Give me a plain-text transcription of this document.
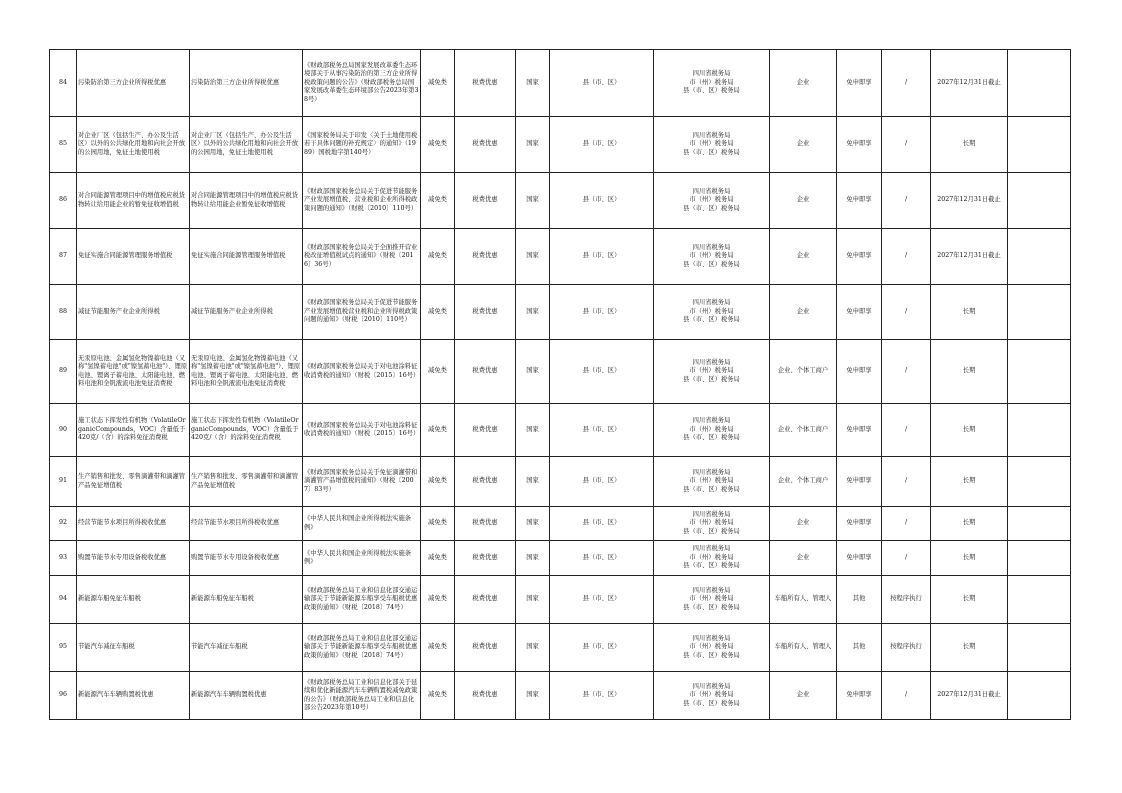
84	污染防治第三方企业所得税优惠	污染防治第三方企业所得税优惠	《财政部税务总局国家发展改革委生态环境部关于从事污染防治的第三方企业所得税政策问题的公告》（财政部税务总局国家发展改革委生态环境部公告2023年第38号）	减免类	税费优惠	国家	县（市、区）	四川省税务局
市（州）税务局
县（市、区）税务局	企业	免申即享	/	2027年12月31日截止	
85	对企业厂区（包括生产、办公及生活区）以外的公共绿化用地和向社会开放的公园用地，免征土地使用税	对企业厂区（包括生产、办公及生活区）以外的公共绿化用地和向社会开放的公园用地，免征土地使用税	《国家税务局关于印发〈关于土地使用税若干具体问题的补充规定〉的通知》（1989）国税地字第140号）	减免类	税费优惠	国家	县（市、区）	四川省税务局
市（州）税务局
县（市、区）税务局	企业	免申即享	/	长期	
86	对合同能源管理项目中的增值税应税货物转让给用能企业的暂免征收增值税	对合同能源管理项目中的增值税应税货物转让给用能企业暂免征收增值税	《财政部国家税务总局关于促进节能服务产业发展增值税、营业税和企业所得税政策问题的通知》（财税〔2010〕110号）	减免类	税费优惠	国家	县（市、区）	四川省税务局
市（州）税务局
县（市、区）税务局	企业	免申即享	/	2027年12月31日截止	
87	免征实施合同能源管理服务增值税	免征实施合同能源管理服务增值税	《财政部国家税务总局关于全面推开营业税改征增值税试点的通知》（财税〔2016〕36号）	减免类	税费优惠	国家	县（市、区）	四川省税务局
市（州）税务局
县（市、区）税务局	企业	免申即享	/	2027年12月31日截止	
88	减征节能服务产业企业所得税	减征节能服务产业企业所得税	《财政部国家税务总局关于促进节能服务产业发展增值税营业税和企业所得税政策问题的通知》（财税〔2010〕110号）	减免类	税费优惠	国家	县（市、区）	四川省税务局
市（州）税务局
县（市、区）税务局	企业	免申即享	/	长期	
89	无汞原电池、金属氢化物镍蓄电池（又称"氢镍蓄电池"或"镍氢蓄电池"）、锂原电池、锂离子蓄电池、太阳能电池、燃料电池和全钒液流电池免征消费税	无汞原电池、金属氢化物镍蓄电池（又称"氢镍蓄电池"或"镍氢蓄电池"）、锂原电池、锂离子蓄电池、太阳能电池、燃料电池和全钒液流电池免征消费税	《财政部国家税务总局关于对电池涂料征收消费税的通知》（财税〔2015〕16号）	减免类	税费优惠	国家	县（市、区）	四川省税务局
市（州）税务局
县（市、区）税务局	企业、个体工商户	免申即享	/	长期	
90	施工状态下挥发性有机物（VolatileOrganicCompounds，VOC）含量低于420克/（含）的涂料免征消费税	施工状态下挥发性有机物（VolatileOrganicCompounds，VOC）含量低于420克/（含）的涂料免征消费税	《财政部国家税务总局关于对电池涂料征收消费税的通知》（财税〔2015〕16号）	减免类	税费优惠	国家	县（市、区）	四川省税务局
市（州）税务局
县（市、区）税务局	企业、个体工商户	免申即享	/	长期	
91	生产销售和批发、零售滴灌带和滴灌管产品免征增值税	生产销售和批发、零售滴灌带和滴灌管产品免征增值税	《财政部国家税务总局关于免征滴灌带和滴灌管产品增值税的通知》（财税〔2007〕83号）	减免类	税费优惠	国家	县（市、区）	四川省税务局
市（州）税务局
县（市、区）税务局	企业、个体工商户	免申即享	/	长期	
92	经营节能节水项目所得税收优惠	经营节能节水项目所得税收优惠	《中华人民共和国企业所得税法实施条例》	减免类	税费优惠	国家	县（市、区）	四川省税务局
市（州）税务局
县（市、区）税务局	企业	免申即享	/	长期	
93	购置节能节水专用设备税收优惠	购置节能节水专用设备税收优惠	《中华人民共和国企业所得税法实施条例》	减免类	税费优惠	国家	县（市、区）	四川省税务局
市（州）税务局
县（市、区）税务局	企业	免申即享	/	长期	
94	新能源车船免征车船税	新能源车船免征车船税	《财政部税务总局工业和信息化部交通运输部关于节能新能源车船享受车船税优惠政策的通知》（财税〔2018〕74号）	减免类	税费优惠	国家	县（市、区）	四川省税务局
市（州）税务局
县（市、区）税务局	车船所有人、管理人	其他	按程序执行	长期	
95	节能汽车减征车船税	节能汽车减征车船税	《财政部税务总局工业和信息化部交通运输部关于节能新能源车船享受车船税优惠政策的通知》（财税〔2018〕74号）	减免类	税费优惠	国家	县（市、区）	四川省税务局
市（州）税务局
县（市、区）税务局	车船所有人、管理人	其他	按程序执行	长期	
96	新能源汽车车辆购置税优惠	新能源汽车车辆购置税优惠	《财政部税务总局工业和信息化部关于延续和优化新能源汽车车辆购置税减免政策的公告》（财政部税务总局工业和信息化部公告2023年第10号）	减免类	税费优惠	国家	县（市、区）	四川省税务局
市（州）税务局
县（市、区）税务局	企业	免申即享	/	2027年12月31日截止	
